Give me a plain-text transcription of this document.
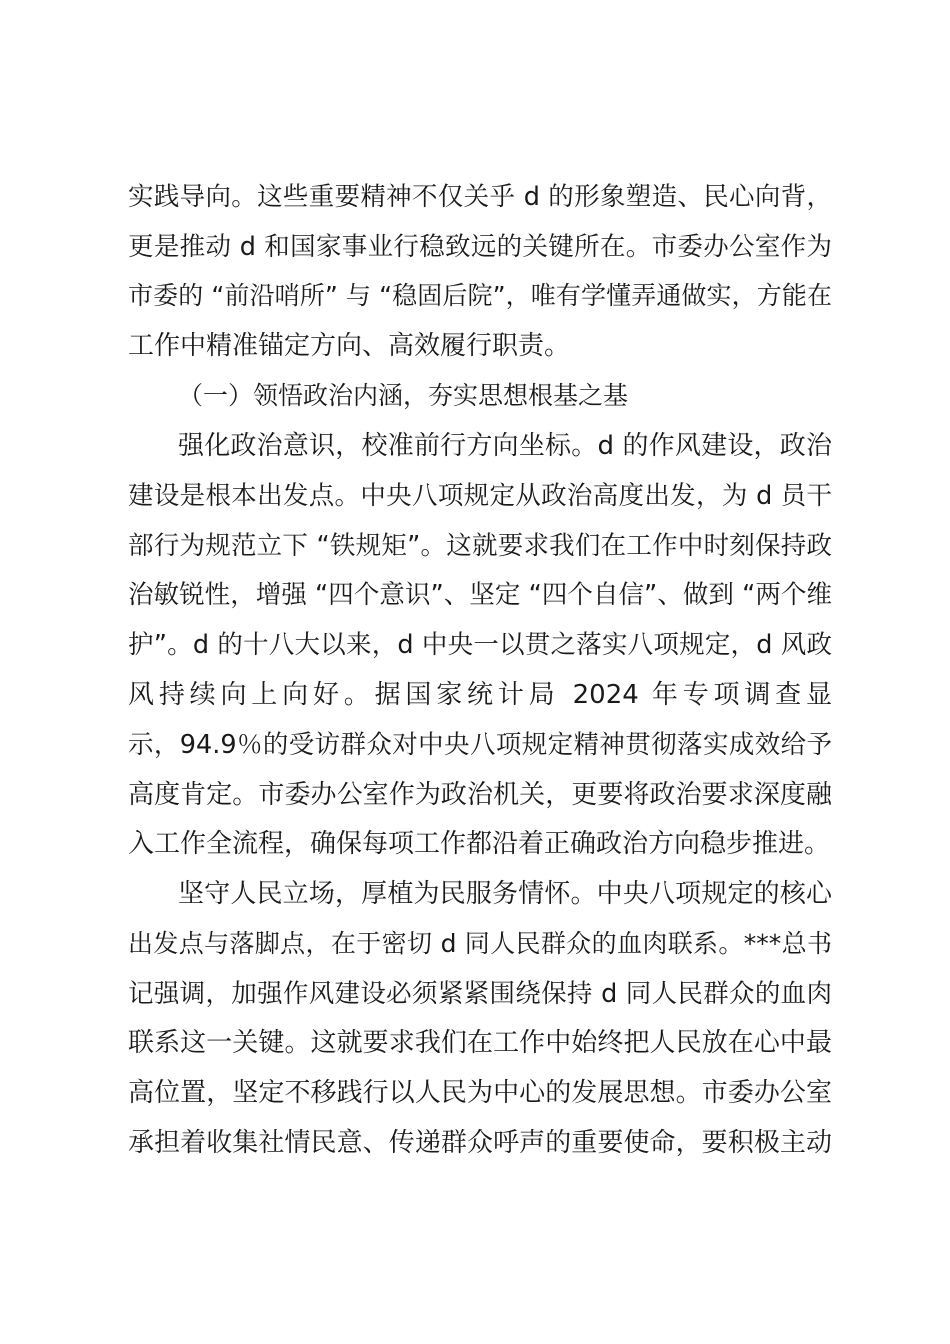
实践导向。这些重要精神不仅关乎 d 的形象塑造、民心向背，
更是推动 d 和国家事业行稳致远的关键所在。市委办公室作为
市委的 “前沿哨所” 与 “稳固后院”，唯有学懂弄通做实，方能在
工作中精准锚定方向、高效履行职责。
（一）领悟政治内涵，夯实思想根基之基
强化政治意识，校准前行方向坐标。d 的作风建设，政治
建设是根本出发点。中央八项规定从政治高度出发，为 d 员干
部行为规范立下 “铁规矩”。这就要求我们在工作中时刻保持政
治敏锐性，增强 “四个意识”、坚定 “四个自信”、做到 “两个维
护”。d 的十八大以来，d 中央一以贯之落实八项规定，d 风政
风持续向上向好。据国家统计局 2024 年专项调查显
示，94.9％的受访群众对中央八项规定精神贯彻落实成效给予
高度肯定。市委办公室作为政治机关，更要将政治要求深度融
入工作全流程，确保每项工作都沿着正确政治方向稳步推进。
坚守人民立场，厚植为民服务情怀。中央八项规定的核心
出发点与落脚点，在于密切 d 同人民群众的血肉联系。***总书
记强调，加强作风建设必须紧紧围绕保持 d 同人民群众的血肉
联系这一关键。这就要求我们在工作中始终把人民放在心中最
高位置，坚定不移践行以人民为中心的发展思想。市委办公室
承担着收集社情民意、传递群众呼声的重要使命，要积极主动
